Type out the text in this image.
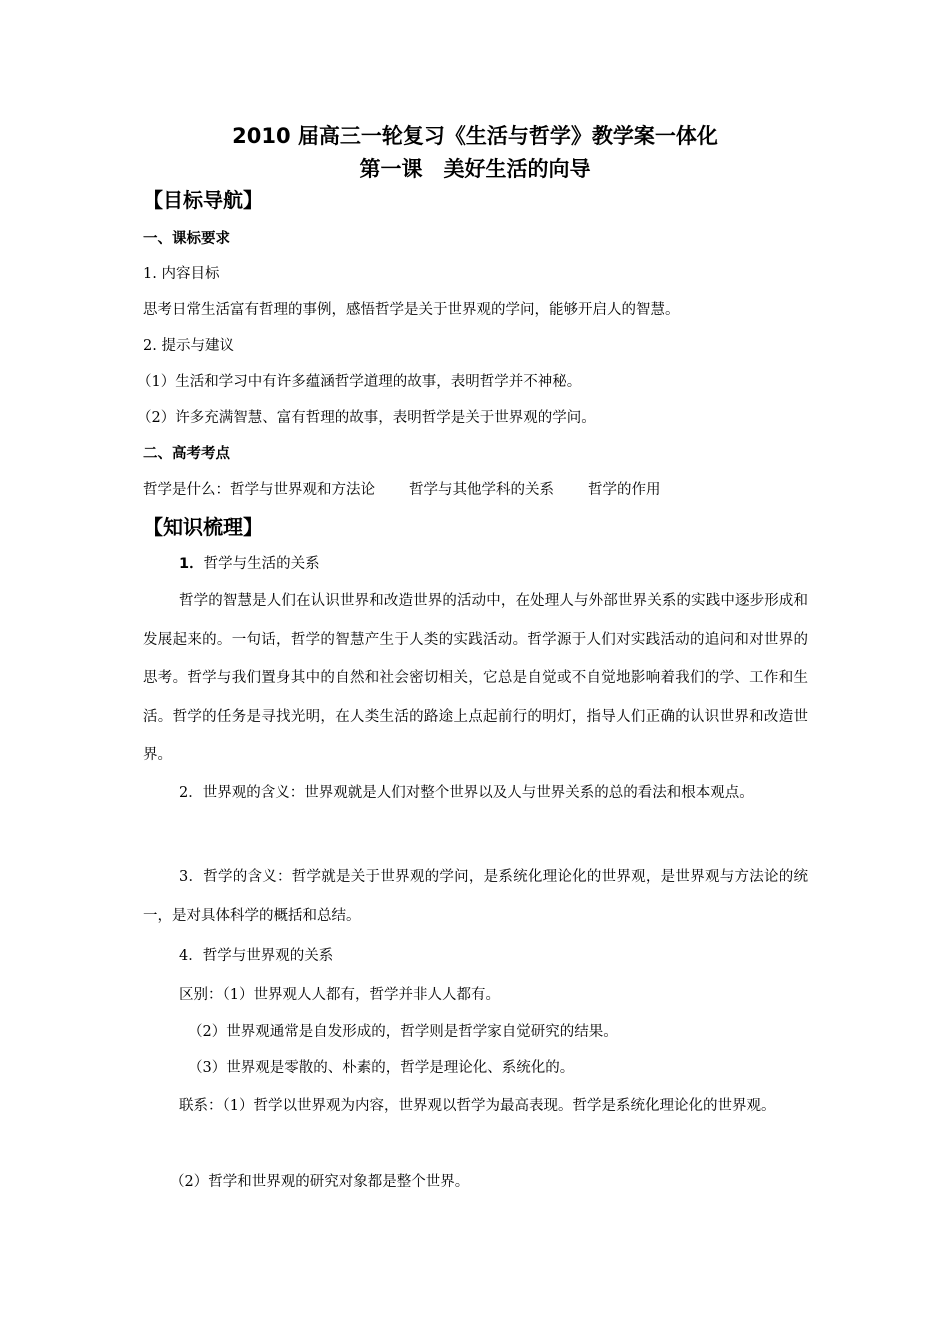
2010 届高三一轮复习《生活与哲学》教学案一体化
第一课　美好生活的向导
【目标导航】
一、课标要求
1. 内容目标
思考日常生活富有哲理的事例，感悟哲学是关于世界观的学问，能够开启人的智慧。
2. 提示与建议
（1）生活和学习中有许多蕴涵哲学道理的故事，表明哲学并不神秘。
（2）许多充满智慧、富有哲理的故事，表明哲学是关于世界观的学问。
二、高考考点
哲学是什么：哲学与世界观和方法论 哲学与其他学科的关系 哲学的作用
【知识梳理】
1．哲学与生活的关系
哲学的智慧是人们在认识世界和改造世界的活动中，在处理人与外部世界关系的实践中逐步形成和发展起来的。一句话，哲学的智慧产生于人类的实践活动。哲学源于人们对实践活动的追问和对世界的思考。哲学与我们置身其中的自然和社会密切相关，它总是自觉或不自觉地影响着我们的学、工作和生活。哲学的任务是寻找光明，在人类生活的路途上点起前行的明灯，指导人们正确的认识世界和改造世界。
2．世界观的含义：世界观就是人们对整个世界以及人与世界关系的总的看法和根本观点。
3．哲学的含义：哲学就是关于世界观的学问，是系统化理论化的世界观，是世界观与方法论的统一，是对具体科学的概括和总结。
4．哲学与世界观的关系
区别：（1）世界观人人都有，哲学并非人人都有。
（2）世界观通常是自发形成的，哲学则是哲学家自觉研究的结果。
（3）世界观是零散的、朴素的，哲学是理论化、系统化的。
联系：（1）哲学以世界观为内容，世界观以哲学为最高表现。哲学是系统化理论化的世界观。
（2）哲学和世界观的研究对象都是整个世界。
